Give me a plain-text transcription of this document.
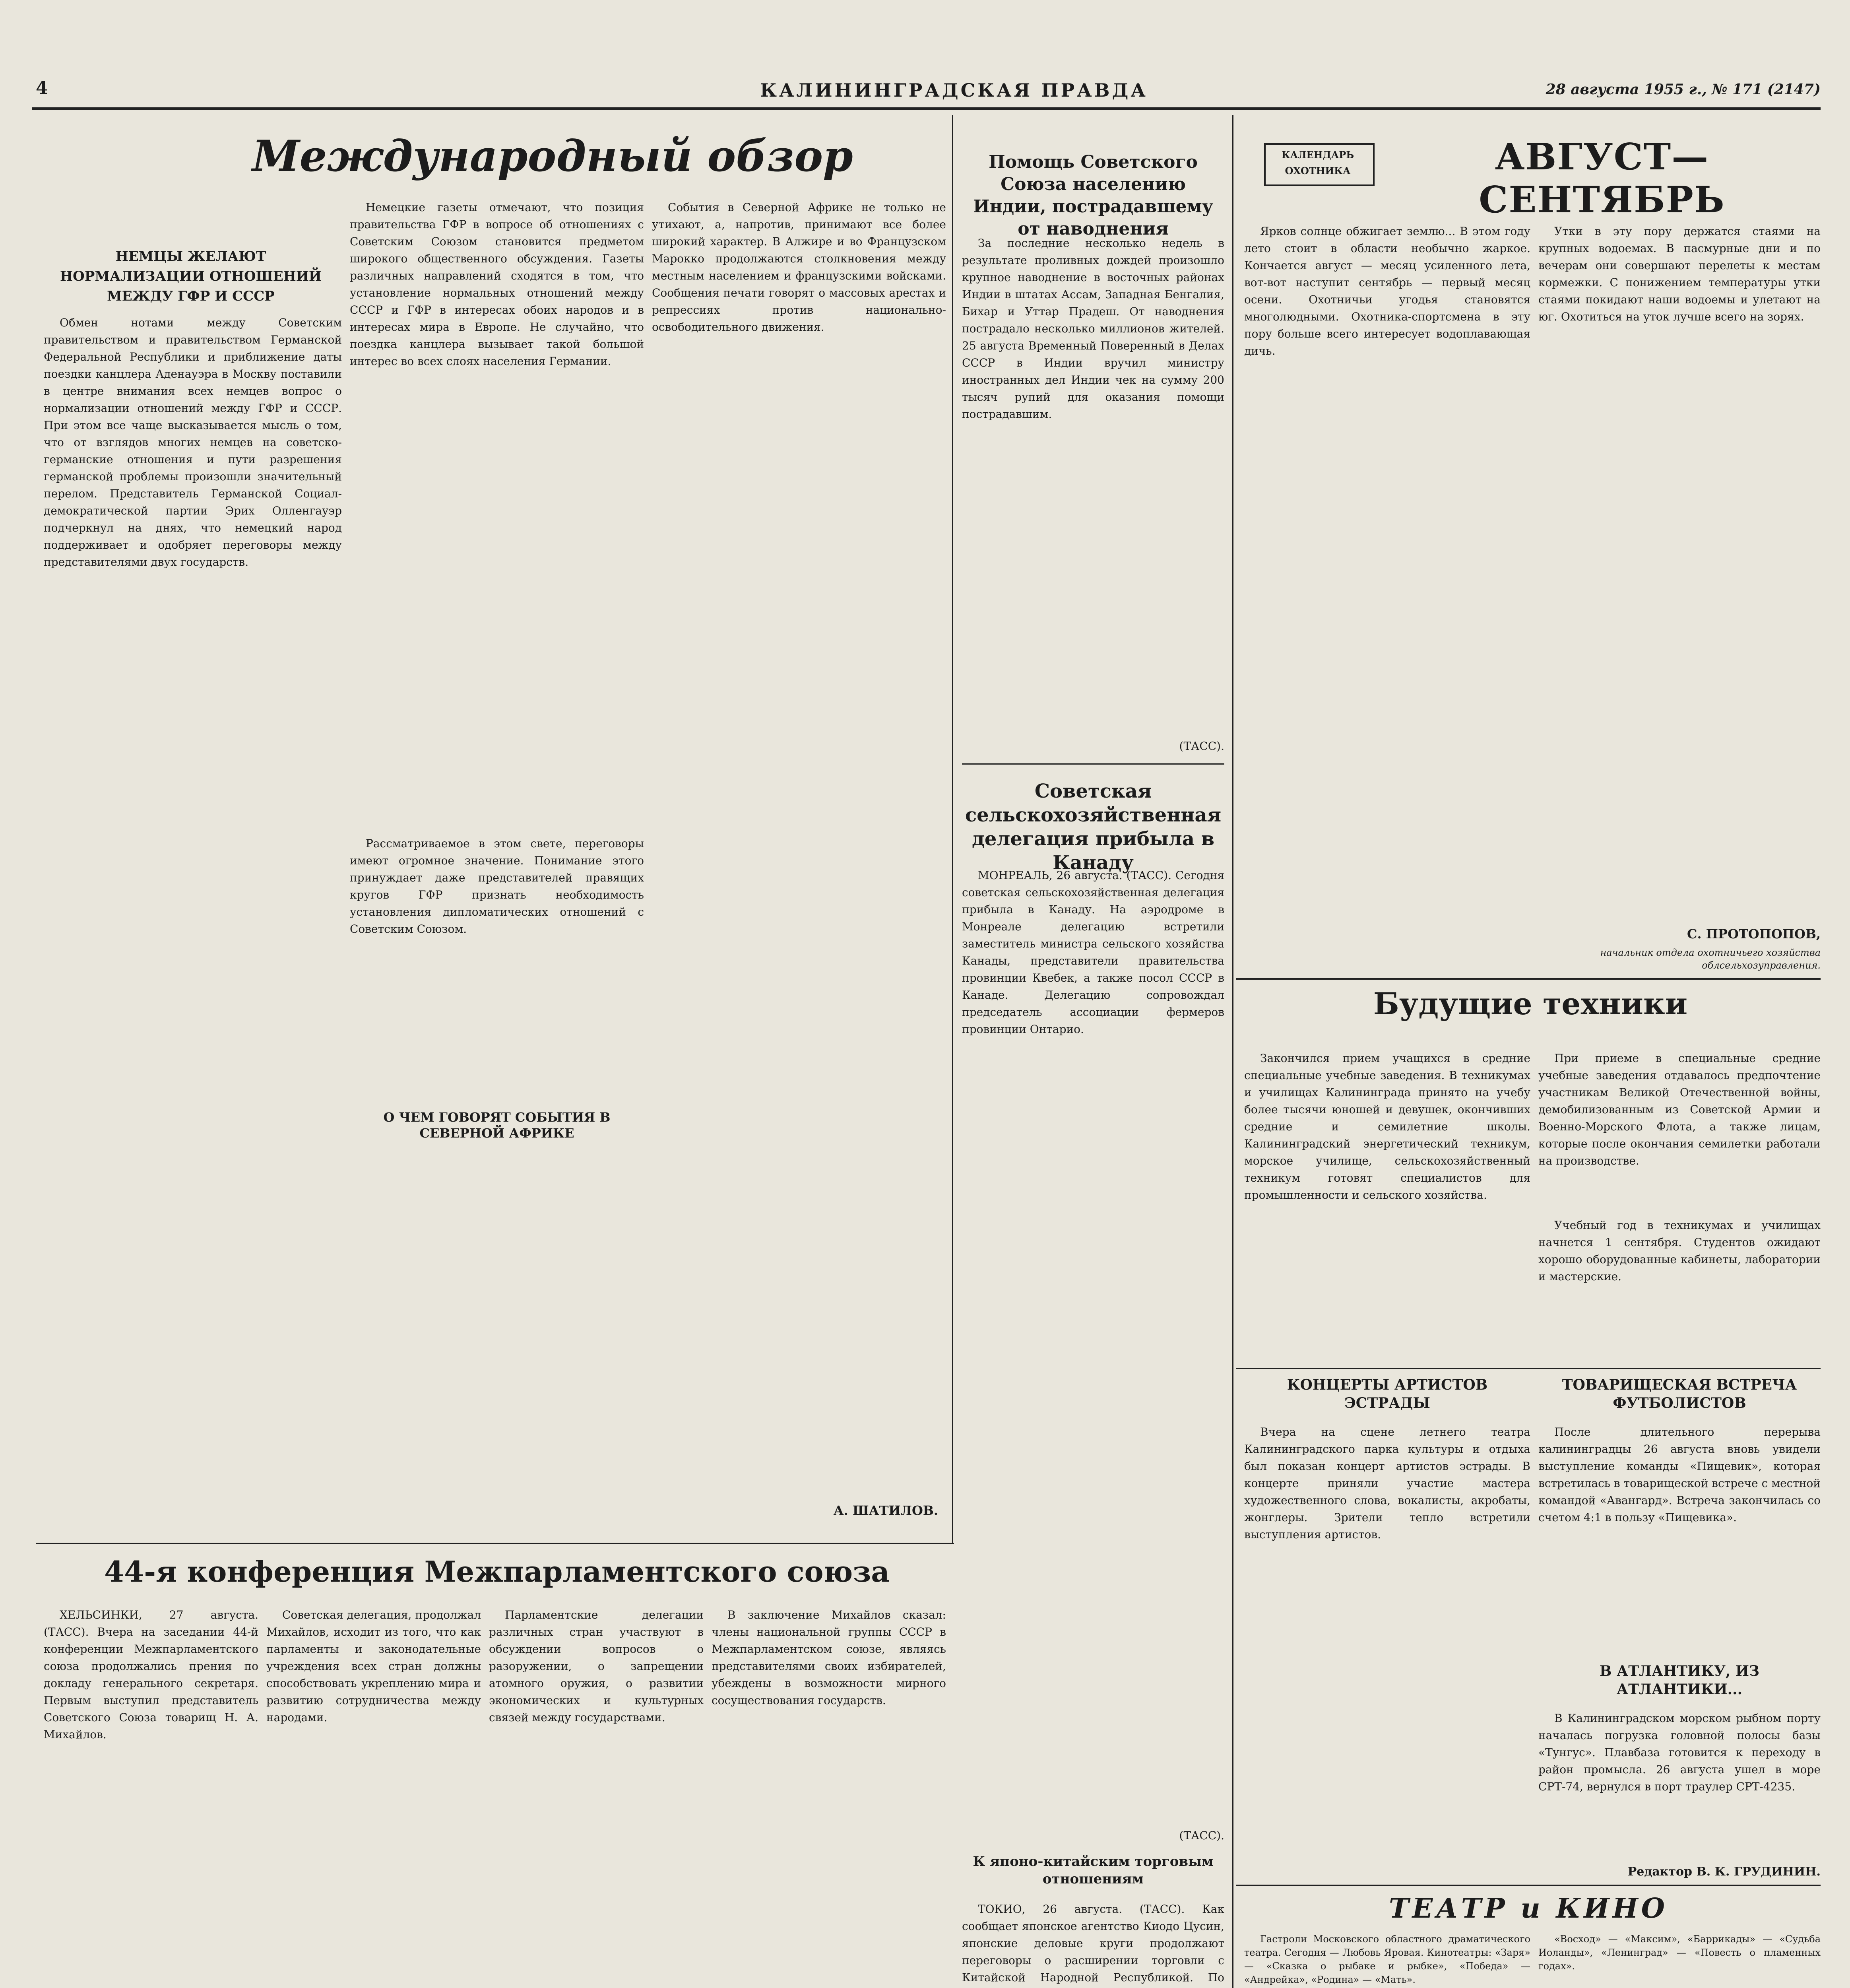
4	КАЛИНИНГРАДСКАЯ ПРАВДА	28 августа 1955 г., № 171 (2147)
Международный обзор
НЕМЦЫ ЖЕЛАЮТ НОРМАЛИЗАЦИИ ОТНОШЕНИЙ МЕЖДУ ГФР И СССР

Обмен нотами между Советским правительством и правительством Германской Федеральной Республики и приближение даты поездки канцлера Аденауэра в Москву поставили в центре внимания всех немцев вопрос о нормализации отношений между ГФР и СССР. При этом все чаще высказывается мысль о том, что от взглядов многих немцев на советско-германские отношения и пути разрешения германской проблемы произошли значительный перелом. Представитель Германской Социал-демократической партии Эрих Олленгауэр подчеркнул на днях, что немецкий народ поддерживает и одобряет переговоры между представителями двух государств.

Немецкие газеты отмечают, что позиция правительства ГФР в вопросе об отношениях с Советским Союзом становится предметом широкого общественного обсуждения. Газеты различных направлений сходятся в том, что установление нормальных отношений между СССР и ГФР в интересах обоих народов и в интересах мира в Европе. Не случайно, что поездка канцлера вызывает такой большой интерес во всех слоях населения Германии.

Рассматриваемое в этом свете, переговоры имеют огромное значение. Понимание этого принуждает даже представителей правящих кругов ГФР признать необходимость установления дипломатических отношений с Советским Союзом.

О ЧЕМ ГОВОРЯТ СОБЫТИЯ В СЕВЕРНОЙ АФРИКЕ

События в Северной Африке не только не утихают, а, напротив, принимают все более широкий характер. В Алжире и во Французском Марокко продолжаются столкновения между местным населением и французскими войсками. Сообщения печати говорят о массовых арестах и репрессиях против национально-освободительного движения.

А. ШАТИЛОВ.
Помощь Советского Союза населению Индии, пострадавшему от наводнения

За последние несколько недель в результате проливных дождей произошло крупное наводнение в восточных районах Индии в штатах Ассам, Западная Бенгалия, Бихар и Уттар Прадеш. От наводнения пострадало несколько миллионов жителей. 25 августа Временный Поверенный в Делах СССР в Индии вручил министру иностранных дел Индии чек на сумму 200 тысяч рупий для оказания помощи пострадавшим.

(ТАСС).
Советская сельскохозяйственная делегация прибыла в Канаду

МОНРЕАЛЬ, 26 августа. (ТАСС). Сегодня советская сельскохозяйственная делегация прибыла в Канаду. На аэродроме в Монреале делегацию встретили заместитель министра сельского хозяйства Канады, представители правительства провинции Квебек, а также посол СССР в Канаде. Делегацию сопровождал председатель ассоциации фермеров провинции Онтарио.

(ТАСС).
К японо-китайским торговым отношениям

ТОКИО, 26 августа. (ТАСС). Как сообщает японское агентство Киодо Цусин, японские деловые круги продолжают переговоры о расширении торговли с Китайской Народной Республикой. По

КАЛЕНДАРЬ ОХОТНИКА	АВГУСТ—СЕНТЯБРЬ

Ярков солнце обжигает землю... В этом году лето стоит в области необычно жаркое. Кончается август — месяц усиленного лета, вот-вот наступит сентябрь — первый месяц осени. Охотничьи угодья становятся многолюдными. Охотника-спортсмена в эту пору больше всего интересует водоплавающая дичь.

Утки в эту пору держатся стаями на крупных водоемах. В пасмурные дни и по вечерам они совершают перелеты к местам кормежки. С понижением температуры утки стаями покидают наши водоемы и улетают на юг. Охотиться на уток лучше всего на зорях.

С. ПРОТОПОПОВ,
начальник отдела охотничьего хозяйства облсельхозуправления.
Будущие техники

Закончился прием учащихся в средние специальные учебные заведения. В техникумах и училищах Калининграда принято на учебу более тысячи юношей и девушек, окончивших средние и семилетние школы. Калининградский энергетический техникум, морское училище, сельскохозяйственный техникум готовят специалистов для промышленности и сельского хозяйства.

При приеме в специальные средние учебные заведения отдавалось предпочтение участникам Великой Отечественной войны, демобилизованным из Советской Армии и Военно-Морского Флота, а также лицам, которые после окончания семилетки работали на производстве.

Учебный год в техникумах и училищах начнется 1 сентября. Студентов ожидают хорошо оборудованные кабинеты, лаборатории и мастерские.

КОНЦЕРТЫ АРТИСТОВ ЭСТРАДЫ

Вчера на сцене летнего театра Калининградского парка культуры и отдыха был показан концерт артистов эстрады. В концерте приняли участие мастера художественного слова, вокалисты, акробаты, жонглеры. Зрители тепло встретили выступления артистов.

ТОВАРИЩЕСКАЯ ВСТРЕЧА ФУТБОЛИСТОВ

После длительного перерыва калининградцы 26 августа вновь увидели выступление команды «Пищевик», которая встретилась в товарищеской встрече с местной командой «Авангард». Встреча закончилась со счетом 4:1 в пользу «Пищевика».

В АТЛАНТИКУ, ИЗ АТЛАНТИКИ...

В Калининградском морском рыбном порту началась погрузка головной полосы базы «Тунгус». Плавбаза готовится к переходу в район промысла. 26 августа ушел в море СРТ-74, вернулся в порт траулер СРТ-4235.

Редактор В. К. ГРУДИНИН.
44-я конференция Межпарламентского союза

ХЕЛЬСИНКИ, 27 августа. (ТАСС). Вчера на заседании 44-й конференции Межпарламентского союза продолжались прения по докладу генерального секретаря. Первым выступил представитель Советского Союза товарищ Н. А. Михайлов.

Советская делегация, продолжал Михайлов, исходит из того, что как парламенты и законодательные учреждения всех стран должны способствовать укреплению мира и развитию сотрудничества между народами.

Парламентские делегации различных стран участвуют в обсуждении вопросов о разоружении, о запрещении атомного оружия, о развитии экономических и культурных связей между государствами.

В заключение Михайлов сказал: члены национальной группы СССР в Межпарламентском союзе, являясь представителями своих избирателей, убеждены в возможности мирного сосуществования государств.

ТЕАТР и КИНО

Гастроли Московского областного драматического театра. Сегодня — Любовь Яровая. Кинотеатры: «Заря» — «Сказка о рыбаке и рыбке», «Победа» — «Андрейка», «Родина» — «Мать».

«Восход» — «Максим», «Баррикады» — «Судьба Иоланды», «Ленинград» — «Повесть о пламенных годах».
